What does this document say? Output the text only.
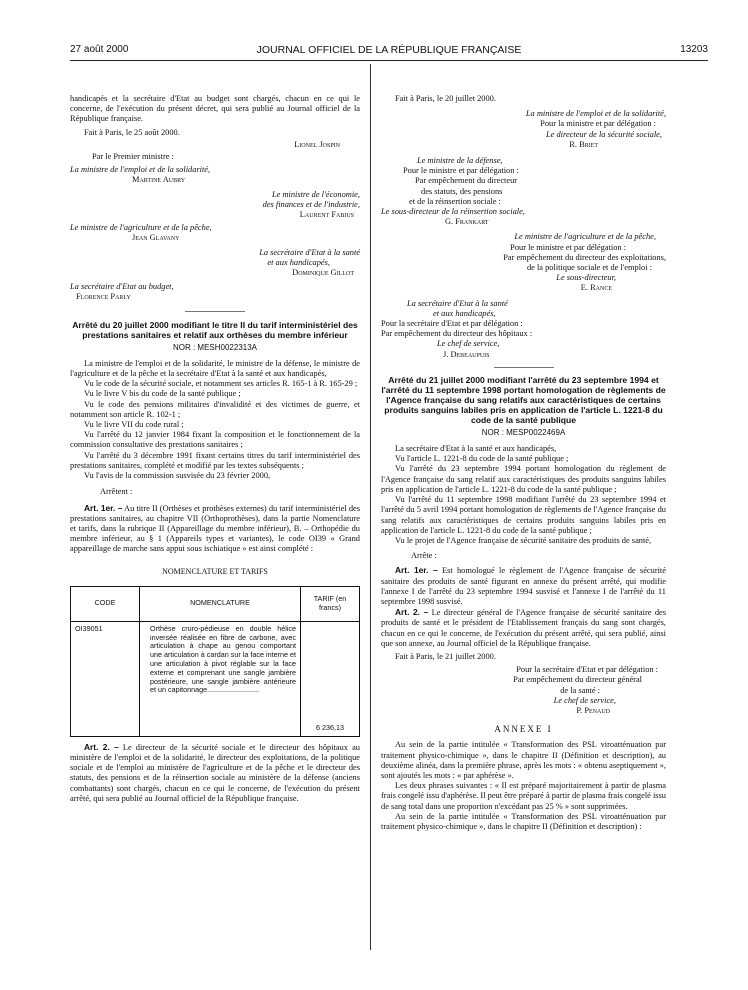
27 août 2000	JOURNAL OFFICIEL DE LA RÉPUBLIQUE FRANÇAISE	13203

handicapés et la secrétaire d'Etat au budget sont chargés, chacun en ce qui le concerne, de l'exécution du présent décret, qui sera publié au Journal officiel de la République française.

Fait à Paris, le 25 août 2000.

Lionel Jospin

Par le Premier ministre :

La ministre de l'emploi et de la solidarité,

Martine Aubry

Le ministre de l'économie,

des finances et de l'industrie,

Laurent Fabius

Le ministre de l'agriculture et de la pêche,

Jean Glavany

La secrétaire d'Etat à la santé

et aux handicapés,

Dominique Gillot

La secrétaire d'Etat au budget,

Florence Parly

Arrêté du 20 juillet 2000 modifiant le titre II du tarif interministériel des prestations sanitaires et relatif aux orthèses du membre inférieur

NOR : MESH0022313A

La ministre de l'emploi et de la solidarité, le ministre de la défense, le ministre de l'agriculture et de la pêche et la secrétaire d'Etat à la santé et aux handicapés,

Vu le code de la sécurité sociale, et notamment ses articles R. 165-1 à R. 165-29 ;

Vu le livre V bis du code de la santé publique ;

Vu le code des pensions militaires d'invalidité et des victimes de guerre, et notamment son article R. 102-1 ;

Vu le livre VII du code rural ;

Vu l'arrêté du 12 janvier 1984 fixant la composition et le fonctionnement de la commission consultative des prestations sanitaires ;

Vu l'arrêté du 3 décembre 1991 fixant certains titres du tarif interministériel des prestations sanitaires, complété et modifié par les textes subséquents ;

Vu l'avis de la commission susvisée du 23 février 2000,

Arrêtent :

Art. 1er. – Au titre II (Orthèses et prothèses externes) du tarif interministériel des prestations sanitaires, au chapitre VII (Orthoprothèses), dans la partie Nomenclature et tarifs, dans la rubrique II (Appareillage du membre inférieur), B. – Orthopédie du membre inférieur, au § 1 (Appareils types et variantes), le code OI39 « Grand appareillage de marche sans appui sous ischiatique » est ainsi complété :

NOMENCLATURE ET TARIFS

CODE	NOMENCLATURE	TARIF (en francs)
OI39051	Orthèse cruro-pédieuse en double hélice inversée réalisée en fibre de carbone, avec articulation à chape au genou comportant une articulation à cardan sur la face interne et une articulation à pivot réglable sur la face externe et comprenant une sangle jambière postérieure, une sangle jambière antérieure et un capitonnage..........................	6 236,13

Art. 2. – Le directeur de la sécurité sociale et le directeur des hôpitaux au ministère de l'emploi et de la solidarité, le directeur des exploitations, de la politique sociale et de l'emploi au ministère de l'agriculture et de la pêche et le directeur des statuts, des pensions et de la réinsertion sociale au ministère de la défense (anciens combattants) sont chargés, chacun en ce qui le concerne, de l'exécution du présent arrêté, qui sera publié au Journal officiel de la République française.

Fait à Paris, le 20 juillet 2000.

La ministre de l'emploi et de la solidarité,

Pour la ministre et par délégation :

Le directeur de la sécurité sociale,

R. Briet

Le ministre de la défense,

Pour le ministre et par délégation :

Par empêchement du directeur

des statuts, des pensions

et de la réinsertion sociale :

Le sous-directeur de la réinsertion sociale,

G. Frankart

Le ministre de l'agriculture et de la pêche,

Pour le ministre et par délégation :

Par empêchement du directeur des exploitations,

de la politique sociale et de l'emploi :

Le sous-directeur,

E. Rance

La secrétaire d'Etat à la santé

et aux handicapés,

Pour la secrétaire d'Etat et par délégation :

Par empêchement du directeur des hôpitaux :

Le chef de service,

J. Debeaupuis

Arrêté du 21 juillet 2000 modifiant l'arrêté du 23 septembre 1994 et l'arrêté du 11 septembre 1998 portant homologation de règlements de l'Agence française du sang relatifs aux caractéristiques de certains produits sanguins labiles pris en application de l'article L. 1221-8 du code de la santé publique

NOR : MESP0022469A

La secrétaire d'Etat à la santé et aux handicapés,

Vu l'article L. 1221-8 du code de la santé publique ;

Vu l'arrêté du 23 septembre 1994 portant homologation du règlement de l'Agence française du sang relatif aux caractéristiques des produits sanguins labiles pris en application de l'article L. 1221-8 du code de la santé publique ;

Vu l'arrêté du 11 septembre 1998 modifiant l'arrêté du 23 septembre 1994 et l'arrêté du 5 avril 1994 portant homologation de règlements de l'Agence française du sang relatifs aux caractéristiques de certains produits sanguins labiles pris en application de l'article L. 1221-8 du code de la santé publique ;

Vu le projet de l'Agence française de sécurité sanitaire des produits de santé,

Arrête :

Art. 1er. – Est homologué le règlement de l'Agence française de sécurité sanitaire des produits de santé figurant en annexe du présent arrêté, qui modifie l'annexe I de l'arrêté du 23 septembre 1994 susvisé et l'annexe I de l'arrêté du 11 septembre 1998 susvisé.

Art. 2. – Le directeur général de l'Agence française de sécurité sanitaire des produits de santé et le président de l'Etablissement français du sang sont chargés, chacun en ce qui le concerne, de l'exécution du présent arrêté, qui sera publié, ainsi que son annexe, au Journal officiel de la République française.

Fait à Paris, le 21 juillet 2000.

Pour la secrétaire d'Etat et par délégation :

Par empêchement du directeur général

de la santé :

Le chef de service,

P. Penaud

ANNEXE I

Au sein de la partie intitulée « Transformation des PSL viroatténuation par traitement physico-chimique », dans le chapitre II (Définition et description), au deuxième alinéa, dans la première phrase, après les mots : « obtenu aseptiquement », sont ajoutés les mots : « par aphérèse ».

Les deux phrases suivantes : « Il est préparé majoritairement à partir de plasma frais congelé issu d'aphérèse. Il peut être préparé à partir de plasma frais congelé issu de sang total dans une proportion n'excédant pas 25 % » sont supprimées.

Au sein de la partie intitulée « Transformation des PSL viroatténuation par traitement physico-chimique », dans le chapitre II (Définition et description) :
